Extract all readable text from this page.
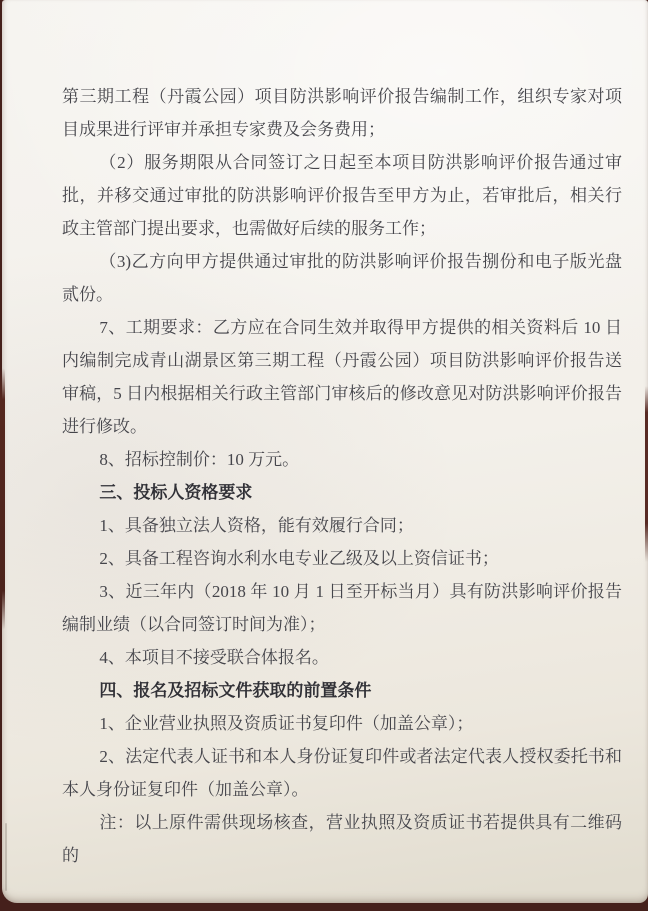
第三期工程（丹霞公园）项目防洪影响评价报告编制工作，组织专家对项目成果进行评审并承担专家费及会务费用；

（2）服务期限从合同签订之日起至本项目防洪影响评价报告通过审批，并移交通过审批的防洪影响评价报告至甲方为止，若审批后，相关行政主管部门提出要求，也需做好后续的服务工作；

（3)乙方向甲方提供通过审批的防洪影响评价报告捌份和电子版光盘贰份。

7、工期要求：乙方应在合同生效并取得甲方提供的相关资料后 10 日内编制完成青山湖景区第三期工程（丹霞公园）项目防洪影响评价报告送审稿，5 日内根据相关行政主管部门审核后的修改意见对防洪影响评价报告进行修改。

8、招标控制价：10 万元。

三、投标人资格要求

1、具备独立法人资格，能有效履行合同；

2、具备工程咨询水利水电专业乙级及以上资信证书；

3、近三年内（2018 年 10 月 1 日至开标当月）具有防洪影响评价报告编制业绩（以合同签订时间为准）；

4、本项目不接受联合体报名。

四、报名及招标文件获取的前置条件

1、企业营业执照及资质证书复印件（加盖公章）；

2、法定代表人证书和本人身份证复印件或者法定代表人授权委托书和本人身份证复印件（加盖公章）。

注：以上原件需供现场核查，营业执照及资质证书若提供具有二维码的
